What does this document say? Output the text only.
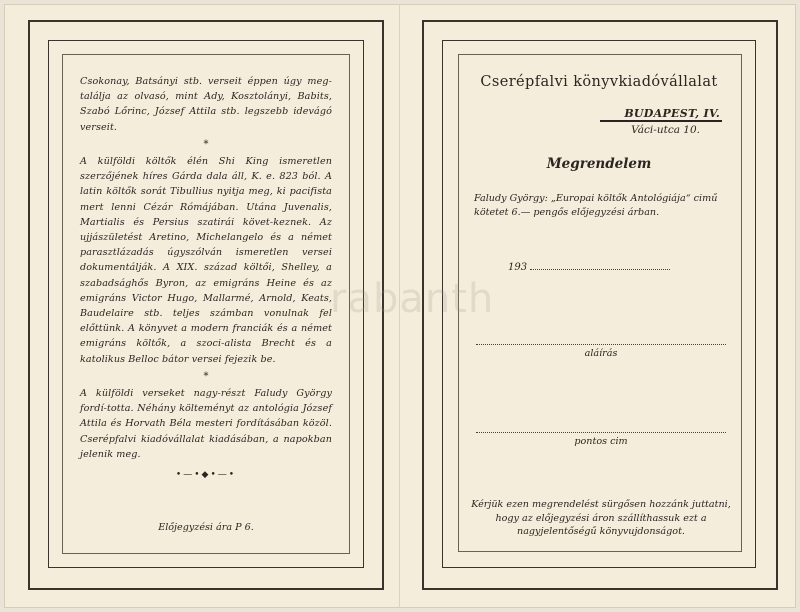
Csokonay, Batsányi stb. verseit éppen úgy meg-találja az olvasó, mint Ady, Kosztolányi, Babits, Szabó Lőrinc, József Attila stb. legszebb idevágó verseit.

*

A külföldi költők élén Shi King ismeretlen szerzőjének híres Gárda dala áll, K. e. 823 ból. A latin költők sorát Tibullius nyitja meg, ki pacifista mert lenni Cézár Rómájában. Utána Juvenalis, Martialis és Persius szatirái követ-keznek. Az ujjászületést Aretino, Michelangelo és a német parasztlázadás úgyszólván ismeretlen versei dokumentálják. A XIX. század költői, Shelley, a szabadsághős Byron, az emigráns Heine és az emigráns Victor Hugo, Mallarmé, Arnold, Keats, Baudelaire stb. teljes számban vonulnak fel előttünk. A könyvet a modern franciák és a német emigráns költők, a szoci-alista Brecht és a katolikus Belloc bátor versei fejezik be.

*

A külföldi verseket nagy-részt Faludy György fordí-totta. Néhány költeményt az antológia József Attila és Horvath Béla mesteri fordításában közöl. Cserépfalvi kiadóvállalat kiadásában, a napokban jelenik meg.

•—•◆•—•
Előjegyzési ára P 6.
Cserépfalvi könyvkiadóvállalat
BUDAPEST, IV.
Váci-utca 10.
Megrendelem
Faludy György: „Europai költők Antológiája“ cimű kötetet 6.— pengős előjegyzési árban.
193
aláírás
pontos cim
Kérjük ezen megrendelést sürgősen hozzánk juttatni, hogy az előjegyzési áron szállíthassuk ezt a nagyjelentőségű könyvujdonságot.
rabanth
